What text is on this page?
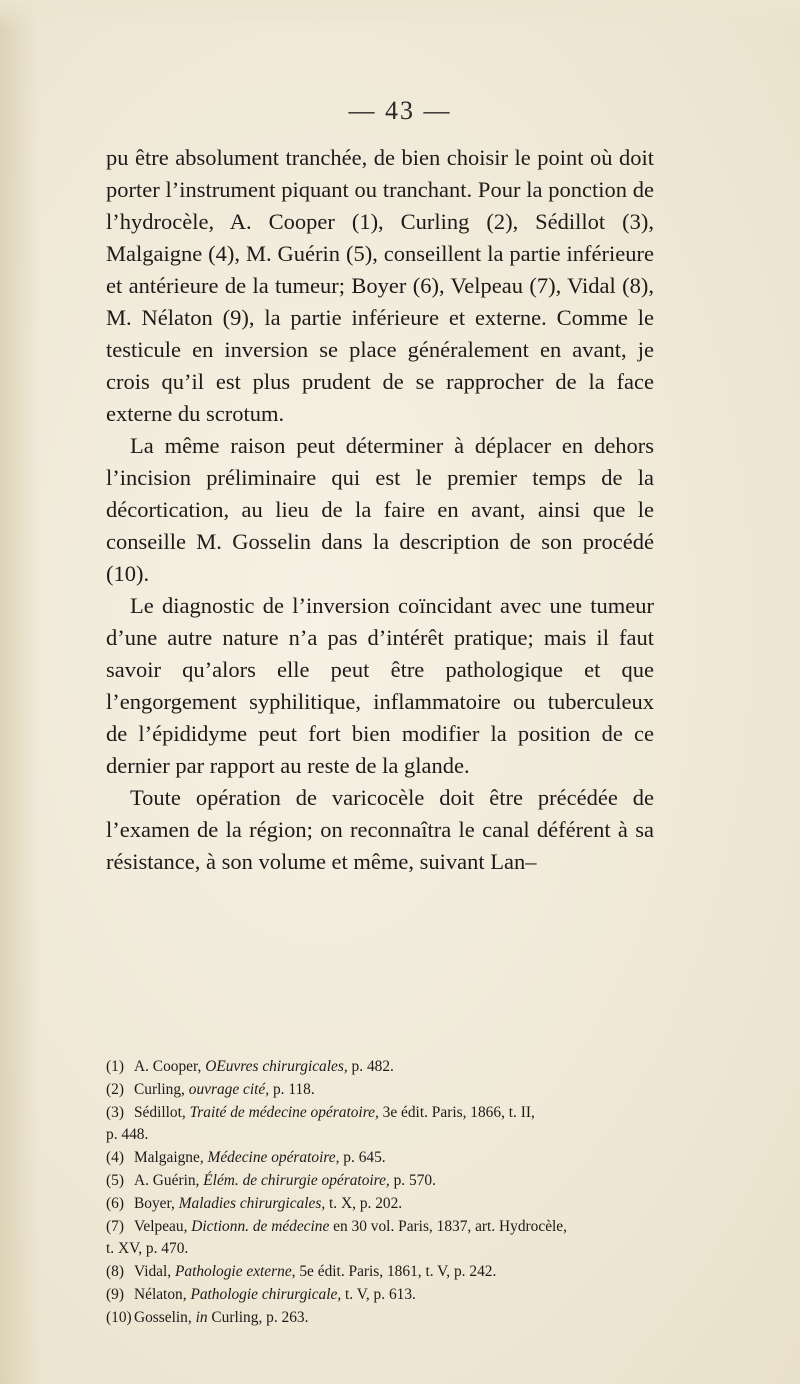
— 43 —

pu être absolument tranchée, de bien choisir le point où doit porter l’instrument piquant ou tranchant. Pour la ponction de l’hydrocèle, A. Cooper (1), Curling (2), Sédillot (3), Malgaigne (4), M. Guérin (5), conseillent la partie inférieure et antérieure de la tumeur; Boyer (6), Velpeau (7), Vidal (8), M. Nélaton (9), la partie inférieure et externe. Comme le testicule en inversion se place généralement en avant, je crois qu’il est plus prudent de se rapprocher de la face externe du scrotum.

La même raison peut déterminer à déplacer en dehors l’incision préliminaire qui est le premier temps de la décortication, au lieu de la faire en avant, ainsi que le conseille M. Gosselin dans la description de son procédé (10).

Le diagnostic de l’inversion coïncidant avec une tumeur d’une autre nature n’a pas d’intérêt pratique; mais il faut savoir qu’alors elle peut être pathologique et que l’engorgement syphilitique, inflammatoire ou tuberculeux de l’épididyme peut fort bien modifier la position de ce dernier par rapport au reste de la glande.

Toute opération de varicocèle doit être précédée de l’examen de la région; on reconnaîtra le canal déférent à sa résistance, à son volume et même, suivant Lan–

(1) A. Cooper, OEuvres chirurgicales, p. 482.

(2) Curling, ouvrage cité, p. 118.

(3) Sédillot, Traité de médecine opératoire, 3e édit. Paris, 1866, t. II,

p. 448.

(4) Malgaigne, Médecine opératoire, p. 645.

(5) A. Guérin, Élém. de chirurgie opératoire, p. 570.

(6) Boyer, Maladies chirurgicales, t. X, p. 202.

(7) Velpeau, Dictionn. de médecine en 30 vol. Paris, 1837, art. Hydrocèle,

t. XV, p. 470.

(8) Vidal, Pathologie externe, 5e édit. Paris, 1861, t. V, p. 242.

(9) Nélaton, Pathologie chirurgicale, t. V, p. 613.

(10) Gosselin, in Curling, p. 263.
